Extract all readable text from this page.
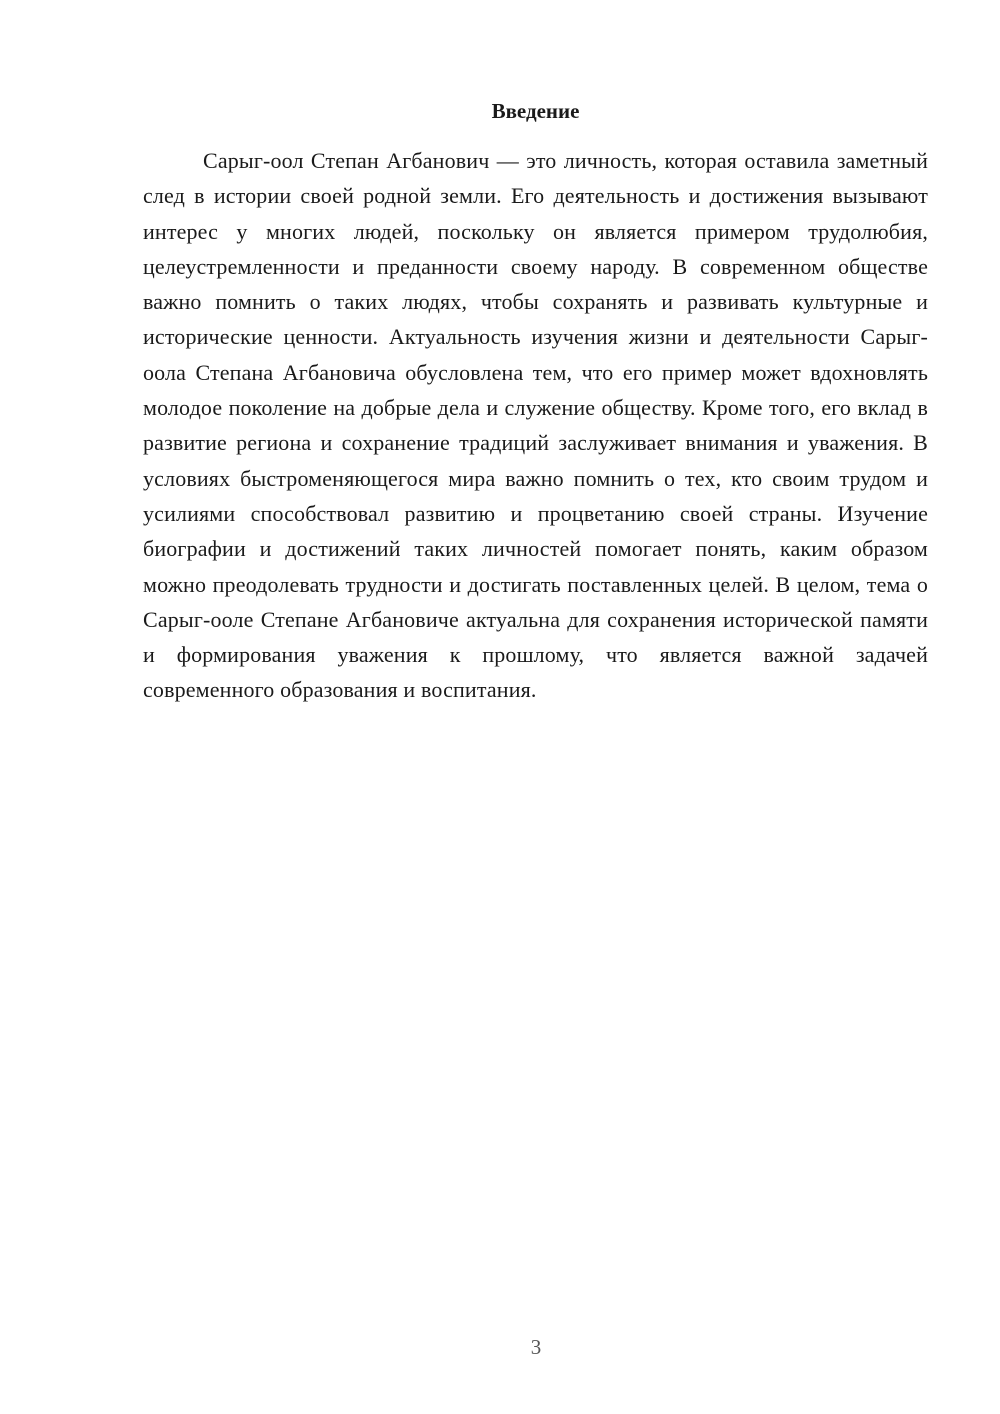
Введение

Сарыг-оол Степан Агбанович — это личность, которая оставила заметный след в истории своей родной земли. Его деятельность и достижения вызывают интерес у многих людей, поскольку он является примером трудолюбия, целеустремленности и преданности своему народу. В современном обществе важно помнить о таких людях, чтобы сохранять и развивать культурные и исторические ценности. Актуальность изучения жизни и деятельности Сарыг-оола Степана Агбановича обусловлена тем, что его пример может вдохновлять молодое поколение на добрые дела и служение обществу. Кроме того, его вклад в развитие региона и сохранение традиций заслуживает внимания и уважения. В условиях быстроменяющегося мира важно помнить о тех, кто своим трудом и усилиями способствовал развитию и процветанию своей страны. Изучение биографии и достижений таких личностей помогает понять, каким образом можно преодолевать трудности и достигать поставленных целей. В целом, тема о Сарыг-ооле Степане Агбановиче актуальна для сохранения исторической памяти и формирования уважения к прошлому, что является важной задачей современного образования и воспитания.

3
